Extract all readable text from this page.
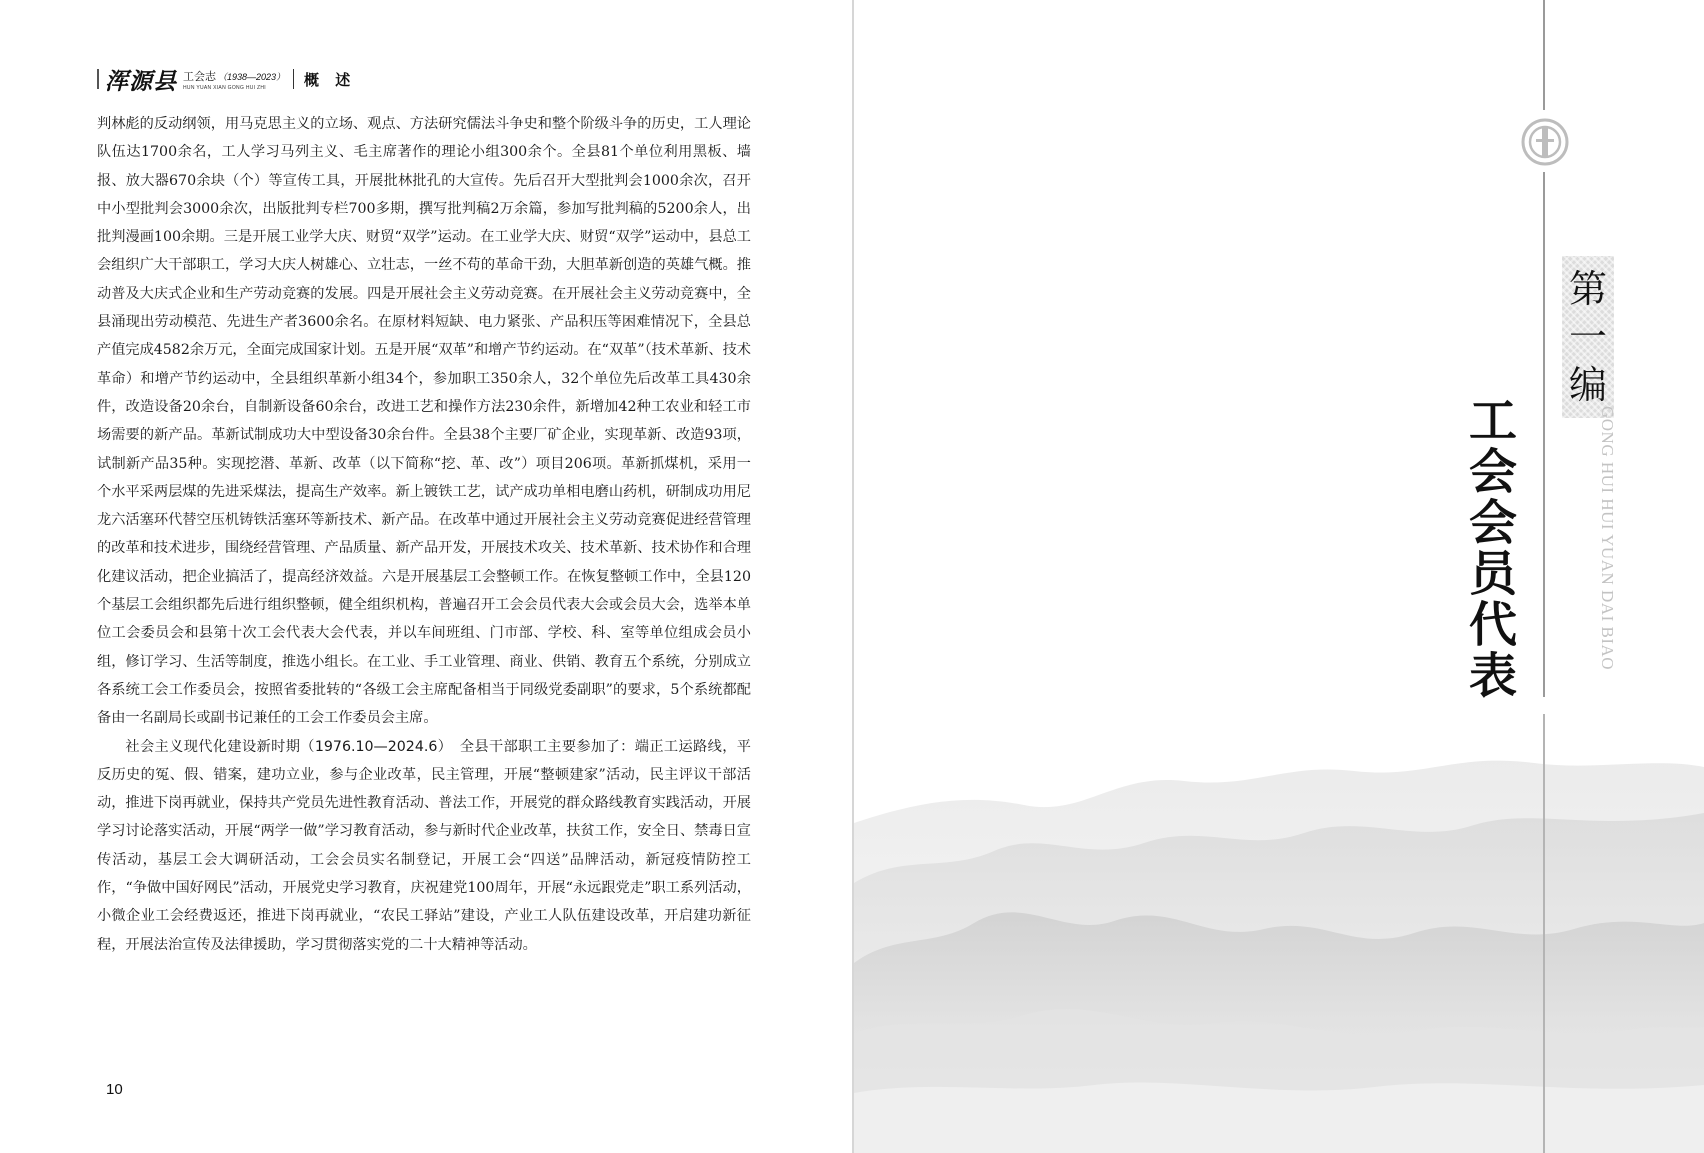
浑源县 工会志 （1938—2023）
HUN YUAN XIAN GONG HUI ZHI	概 述

判林彪的反动纲领，用马克思主义的立场、观点、方法研究儒法斗争史和整个阶级斗争的历史，工人理论队伍达1700余名，工人学习马列主义、毛主席著作的理论小组300余个。全县81个单位利用黑板、墙报、放大器670余块（个）等宣传工具，开展批林批孔的大宣传。先后召开大型批判会1000余次，召开中小型批判会3000余次，出版批判专栏700多期，撰写批判稿2万余篇，参加写批判稿的5200余人，出批判漫画100余期。三是开展工业学大庆、财贸“双学”运动。在工业学大庆、财贸“双学”运动中，县总工会组织广大干部职工，学习大庆人树雄心、立壮志，一丝不苟的革命干劲，大胆革新创造的英雄气概。推动普及大庆式企业和生产劳动竞赛的发展。四是开展社会主义劳动竞赛。在开展社会主义劳动竞赛中，全县涌现出劳动模范、先进生产者3600余名。在原材料短缺、电力紧张、产品积压等困难情况下，全县总产值完成4582余万元，全面完成国家计划。五是开展“双革”和增产节约运动。在“双革”（技术革新、技术革命）和增产节约运动中，全县组织革新小组34个，参加职工350余人，32个单位先后改革工具430余件，改造设备20余台，自制新设备60余台，改进工艺和操作方法230余件，新增加42种工农业和轻工市场需要的新产品。革新试制成功大中型设备30余台件。全县38个主要厂矿企业，实现革新、改造93项，试制新产品35种。实现挖潜、革新、改革（以下简称“挖、革、改”）项目206项。革新抓煤机，采用一个水平采两层煤的先进采煤法，提高生产效率。新上镀铁工艺，试产成功单相电磨山药机，研制成功用尼龙六活塞环代替空压机铸铁活塞环等新技术、新产品。在改革中通过开展社会主义劳动竞赛促进经营管理的改革和技术进步，围绕经营管理、产品质量、新产品开发，开展技术攻关、技术革新、技术协作和合理化建议活动，把企业搞活了，提高经济效益。六是开展基层工会整顿工作。在恢复整顿工作中，全县120个基层工会组织都先后进行组织整顿，健全组织机构，普遍召开工会会员代表大会或会员大会，选举本单位工会委员会和县第十次工会代表大会代表，并以车间班组、门市部、学校、科、室等单位组成会员小组，修订学习、生活等制度，推选小组长。在工业、手工业管理、商业、供销、教育五个系统，分别成立各系统工会工作委员会，按照省委批转的“各级工会主席配备相当于同级党委副职”的要求，5个系统都配备由一名副局长或副书记兼任的工会工作委员会主席。

社会主义现代化建设新时期（1976.10—2024.6）　 全县干部职工主要参加了：端正工运路线，平反历史的冤、假、错案，建功立业，参与企业改革，民主管理，开展“整顿建家”活动，民主评议干部活动，推进下岗再就业，保持共产党员先进性教育活动、普法工作，开展党的群众路线教育实践活动，开展学习讨论落实活动，开展“两学一做”学习教育活动，参与新时代企业改革，扶贫工作，安全日、禁毒日宣传活动，基层工会大调研活动，工会会员实名制登记，开展工会“四送”品牌活动，新冠疫情防控工作，“争做中国好网民”活动，开展党史学习教育，庆祝建党100周年，开展“永远跟党走”职工系列活动，小微企业工会经费返还，推进下岗再就业，“农民工驿站”建设，产业工人队伍建设改革，开启建功新征程，开展法治宣传及法律援助，学习贯彻落实党的二十大精神等活动。

10
第
一
编
工
会
会
员
代
表
GONG HUI HUI YUAN DAI BIAO
